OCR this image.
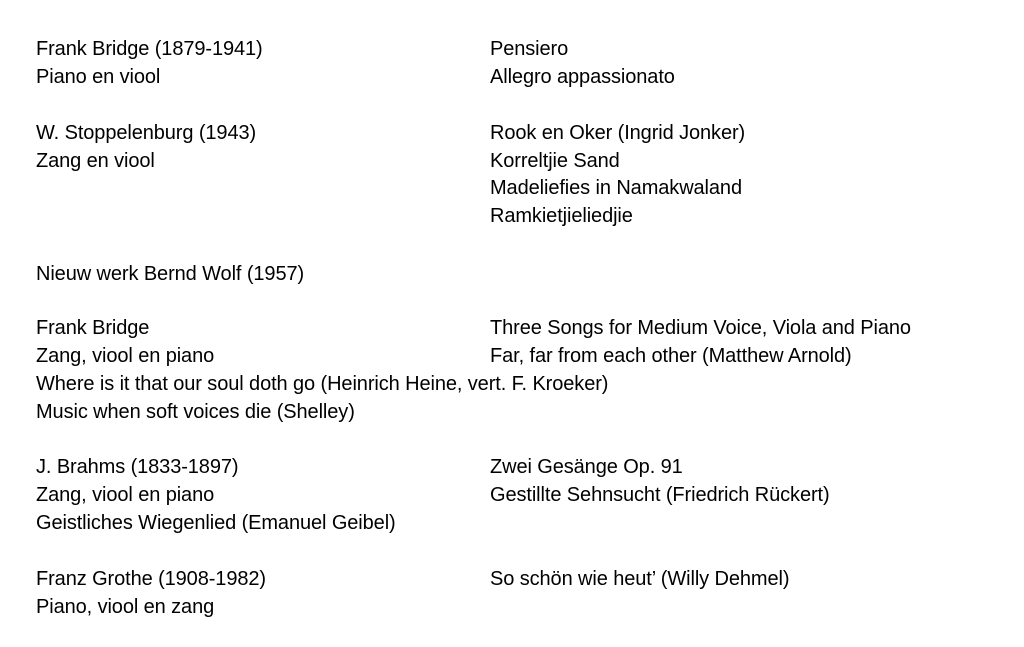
Frank Bridge (1879-1941)
Piano en viool
Pensiero
Allegro appassionato
W. Stoppelenburg (1943)
Zang en viool
Rook en Oker (Ingrid Jonker)
Korreltjie Sand
Madeliefies in Namakwaland
Ramkietjieliedjie
Nieuw werk Bernd Wolf (1957)
Frank Bridge
Zang, viool en piano
Where is it that our soul doth go (Heinrich Heine, vert. F. Kroeker)
Music when soft voices die (Shelley)
Three Songs for Medium Voice, Viola and Piano
Far, far from each other (Matthew Arnold)
J. Brahms (1833-1897)
Zang, viool en piano
Geistliches Wiegenlied (Emanuel Geibel)
Zwei Gesänge Op. 91
Gestillte Sehnsucht (Friedrich Rückert)
Franz Grothe (1908-1982)
Piano, viool en zang
So schön wie heut’ (Willy Dehmel)
